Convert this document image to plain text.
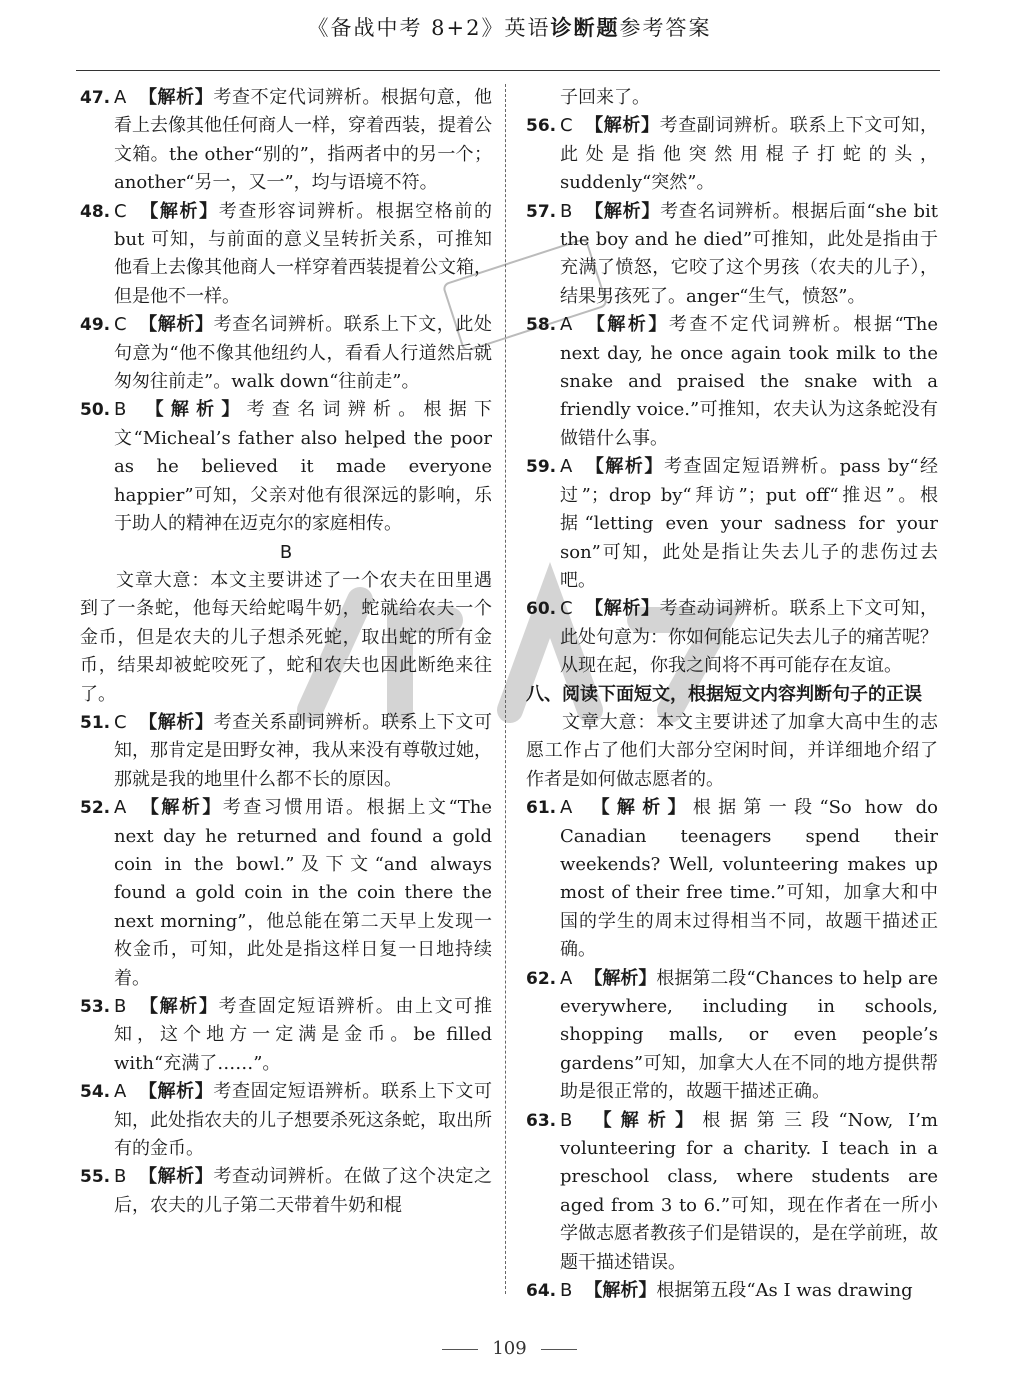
《备战中考 8+2》英语诊断题参考答案
47. A 【解析】考查不定代词辨析。根据句意，他看上去像其他任何商人一样，穿着西装，提着公文箱。the other“别的”，指两者中的另一个；another“另一，又一”，均与语境不符。
48. C 【解析】考查形容词辨析。根据空格前的 but 可知，与前面的意义呈转折关系，可推知他看上去像其他商人一样穿着西装提着公文箱，但是他不一样。
49. C 【解析】考查名词辨析。联系上下文，此处句意为“他不像其他纽约人，看看人行道然后就匆匆往前走”。walk down“往前走”。
50. B 【解析】考查名词辨析。根据下文“Micheal’s father also helped the poor as he believed it made everyone happier”可知，父亲对他有很深远的影响，乐于助人的精神在迈克尔的家庭相传。
B
文章大意：本文主要讲述了一个农夫在田里遇到了一条蛇，他每天给蛇喝牛奶，蛇就给农夫一个金币，但是农夫的儿子想杀死蛇，取出蛇的所有金币，结果却被蛇咬死了，蛇和农夫也因此断绝来往了。
51. C 【解析】考查关系副词辨析。联系上下文可知，那肯定是田野女神，我从来没有尊敬过她，那就是我的地里什么都不长的原因。
52. A 【解析】考查习惯用语。根据上文“The next day he returned and found a gold coin in the bowl.”及下文“and always found a gold coin in the coin there the next morning”，他总能在第二天早上发现一枚金币，可知，此处是指这样日复一日地持续着。
53. B 【解析】考查固定短语辨析。由上文可推知，这个地方一定满是金币。be filled with“充满了……”。
54. A 【解析】考查固定短语辨析。联系上下文可知，此处指农夫的儿子想要杀死这条蛇，取出所有的金币。
55. B 【解析】考查动词辨析。在做了这个决定之后，农夫的儿子第二天带着牛奶和棍
子回来了。
56. C 【解析】考查副词辨析。联系上下文可知，此处是指他突然用棍子打蛇的头，suddenly“突然”。
57. B 【解析】考查名词辨析。根据后面“she bit the boy and he died”可推知，此处是指由于充满了愤怒，它咬了这个男孩（农夫的儿子），结果男孩死了。anger“生气，愤怒”。
58. A 【解析】考查不定代词辨析。根据“The next day, he once again took milk to the snake and praised the snake with a friendly voice.”可推知，农夫认为这条蛇没有做错什么事。
59. A 【解析】考查固定短语辨析。pass by“经过”；drop by“拜访”；put off“推迟”。根据“letting even your sadness for your son”可知，此处是指让失去儿子的悲伤过去吧。
60. C 【解析】考查动词辨析。联系上下文可知，此处句意为：你如何能忘记失去儿子的痛苦呢？从现在起，你我之间将不再可能存在友谊。
八、阅读下面短文，根据短文内容判断句子的正误
文章大意：本文主要讲述了加拿大高中生的志愿工作占了他们大部分空闲时间，并详细地介绍了作者是如何做志愿者的。
61. A 【解析】根据第一段“So how do Canadian teenagers spend their weekends? Well, volunteering makes up most of their free time.”可知，加拿大和中国的学生的周末过得相当不同，故题干描述正确。
62. A 【解析】根据第二段“Chances to help are everywhere, including in schools, shopping malls, or even people’s gardens”可知，加拿大人在不同的地方提供帮助是很正常的，故题干描述正确。
63. B 【解析】根据第三段“Now, I’m volunteering for a charity. I teach in a preschool class, where students are aged from 3 to 6.”可知，现在作者在一所小学做志愿者教孩子们是错误的，是在学前班，故题干描述错误。
64. B 【解析】根据第五段“As I was drawing
109
